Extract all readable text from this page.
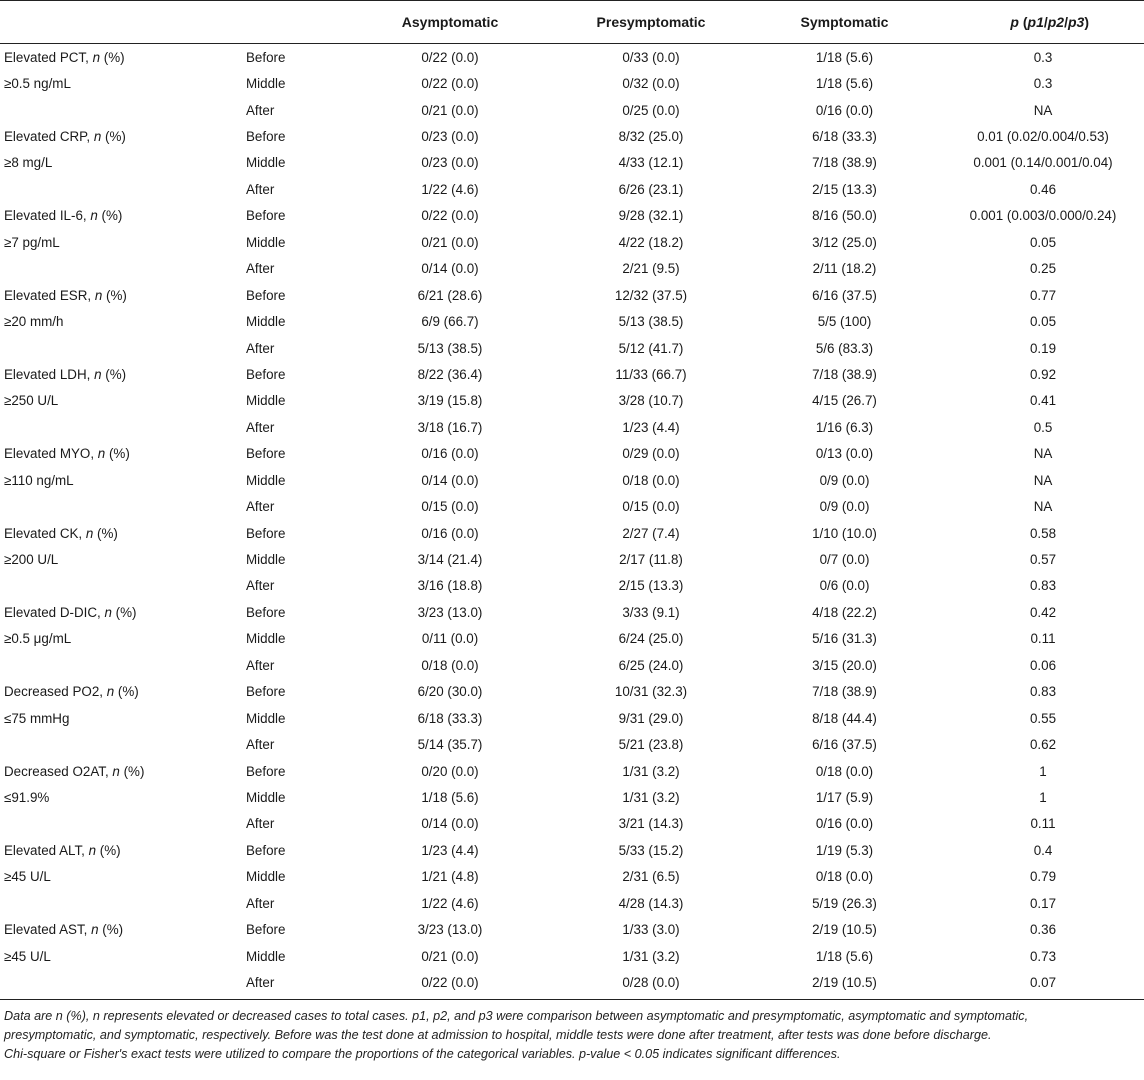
		Asymptomatic	Presymptomatic	Symptomatic	p (p1/p2/p3)
Elevated PCT, n (%)	Before	0/22 (0.0)	0/33 (0.0)	1/18 (5.6)	0.3
≥0.5 ng/mL	Middle	0/22 (0.0)	0/32 (0.0)	1/18 (5.6)	0.3
	After	0/21 (0.0)	0/25 (0.0)	0/16 (0.0)	NA
Elevated CRP, n (%)	Before	0/23 (0.0)	8/32 (25.0)	6/18 (33.3)	0.01 (0.02/0.004/0.53)
≥8 mg/L	Middle	0/23 (0.0)	4/33 (12.1)	7/18 (38.9)	0.001 (0.14/0.001/0.04)
	After	1/22 (4.6)	6/26 (23.1)	2/15 (13.3)	0.46
Elevated IL-6, n (%)	Before	0/22 (0.0)	9/28 (32.1)	8/16 (50.0)	0.001 (0.003/0.000/0.24)
≥7 pg/mL	Middle	0/21 (0.0)	4/22 (18.2)	3/12 (25.0)	0.05
	After	0/14 (0.0)	2/21 (9.5)	2/11 (18.2)	0.25
Elevated ESR, n (%)	Before	6/21 (28.6)	12/32 (37.5)	6/16 (37.5)	0.77
≥20 mm/h	Middle	6/9 (66.7)	5/13 (38.5)	5/5 (100)	0.05
	After	5/13 (38.5)	5/12 (41.7)	5/6 (83.3)	0.19
Elevated LDH, n (%)	Before	8/22 (36.4)	11/33 (66.7)	7/18 (38.9)	0.92
≥250 U/L	Middle	3/19 (15.8)	3/28 (10.7)	4/15 (26.7)	0.41
	After	3/18 (16.7)	1/23 (4.4)	1/16 (6.3)	0.5
Elevated MYO, n (%)	Before	0/16 (0.0)	0/29 (0.0)	0/13 (0.0)	NA
≥110 ng/mL	Middle	0/14 (0.0)	0/18 (0.0)	0/9 (0.0)	NA
	After	0/15 (0.0)	0/15 (0.0)	0/9 (0.0)	NA
Elevated CK, n (%)	Before	0/16 (0.0)	2/27 (7.4)	1/10 (10.0)	0.58
≥200 U/L	Middle	3/14 (21.4)	2/17 (11.8)	0/7 (0.0)	0.57
	After	3/16 (18.8)	2/15 (13.3)	0/6 (0.0)	0.83
Elevated D-DIC, n (%)	Before	3/23 (13.0)	3/33 (9.1)	4/18 (22.2)	0.42
≥0.5 μg/mL	Middle	0/11 (0.0)	6/24 (25.0)	5/16 (31.3)	0.11
	After	0/18 (0.0)	6/25 (24.0)	3/15 (20.0)	0.06
Decreased PO2, n (%)	Before	6/20 (30.0)	10/31 (32.3)	7/18 (38.9)	0.83
≤75 mmHg	Middle	6/18 (33.3)	9/31 (29.0)	8/18 (44.4)	0.55
	After	5/14 (35.7)	5/21 (23.8)	6/16 (37.5)	0.62
Decreased O2AT, n (%)	Before	0/20 (0.0)	1/31 (3.2)	0/18 (0.0)	1
≤91.9%	Middle	1/18 (5.6)	1/31 (3.2)	1/17 (5.9)	1
	After	0/14 (0.0)	3/21 (14.3)	0/16 (0.0)	0.11
Elevated ALT, n (%)	Before	1/23 (4.4)	5/33 (15.2)	1/19 (5.3)	0.4
≥45 U/L	Middle	1/21 (4.8)	2/31 (6.5)	0/18 (0.0)	0.79
	After	1/22 (4.6)	4/28 (14.3)	5/19 (26.3)	0.17
Elevated AST, n (%)	Before	3/23 (13.0)	1/33 (3.0)	2/19 (10.5)	0.36
≥45 U/L	Middle	0/21 (0.0)	1/31 (3.2)	1/18 (5.6)	0.73
	After	0/22 (0.0)	0/28 (0.0)	2/19 (10.5)	0.07
Data are n (%), n represents elevated or decreased cases to total cases. p1, p2, and p3 were comparison between asymptomatic and presymptomatic, asymptomatic and symptomatic,
presymptomatic, and symptomatic, respectively. Before was the test done at admission to hospital, middle tests were done after treatment, after tests was done before discharge.
Chi-square or Fisher's exact tests were utilized to compare the proportions of the categorical variables. p-value < 0.05 indicates significant differences.
